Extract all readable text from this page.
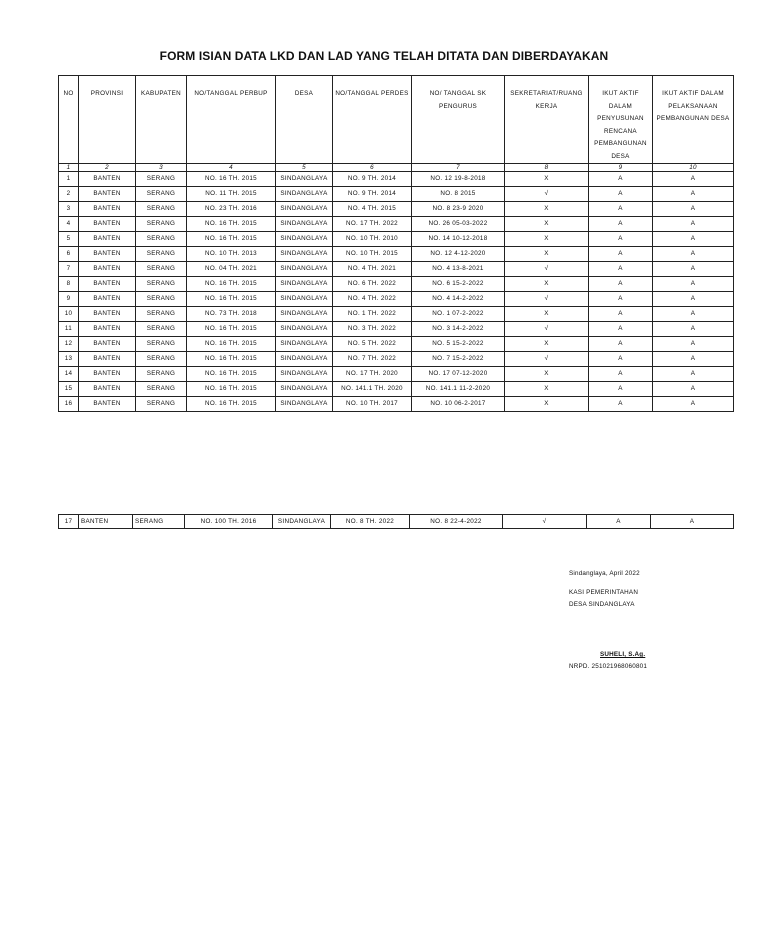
FORM ISIAN DATA LKD DAN LAD YANG TELAH DITATA DAN DIBERDAYAKAN
NO	PROVINSI	KABUPATEN	NO/TANGGAL PERBUP	DESA	NO/TANGGAL PERDES	NO/ TANGGAL SK PENGURUS	SEKRETARIAT/RUANG KERJA	IKUT AKTIF DALAM PENYUSUNAN RENCANA PEMBANGUNAN DESA	IKUT AKTIF DALAM PELAKSANAAN PEMBANGUNAN DESA
1	2	3	4	5	6	7	8	9	10
1	BANTEN	SERANG	NO. 16 TH. 2015	SINDANGLAYA	NO. 9 TH. 2014	NO. 12 19-8-2018	X	A	A
2	BANTEN	SERANG	NO. 11 TH. 2015	SINDANGLAYA	NO. 9 TH. 2014	NO. 8 2015	√	A	A
3	BANTEN	SERANG	NO. 23 TH. 2016	SINDANGLAYA	NO. 4 TH. 2015	NO. 8 23-9 2020	X	A	A
4	BANTEN	SERANG	NO. 16 TH. 2015	SINDANGLAYA	NO. 17 TH. 2022	NO. 26 05-03-2022	X	A	A
5	BANTEN	SERANG	NO. 16 TH. 2015	SINDANGLAYA	NO. 10 TH. 2010	NO. 14 10-12-2018	X	A	A
6	BANTEN	SERANG	NO. 10 TH. 2013	SINDANGLAYA	NO. 10 TH. 2015	NO. 12 4-12-2020	X	A	A
7	BANTEN	SERANG	NO. 04 TH. 2021	SINDANGLAYA	NO. 4 TH. 2021	NO. 4 13-8-2021	√	A	A
8	BANTEN	SERANG	NO. 16 TH. 2015	SINDANGLAYA	NO. 6 TH. 2022	NO. 6 15-2-2022	X	A	A
9	BANTEN	SERANG	NO. 16 TH. 2015	SINDANGLAYA	NO. 4 TH. 2022	NO. 4 14-2-2022	√	A	A
10	BANTEN	SERANG	NO. 73 TH. 2018	SINDANGLAYA	NO. 1 TH. 2022	NO. 1 07-2-2022	X	A	A
11	BANTEN	SERANG	NO. 16 TH. 2015	SINDANGLAYA	NO. 3 TH. 2022	NO. 3 14-2-2022	√	A	A
12	BANTEN	SERANG	NO. 16 TH. 2015	SINDANGLAYA	NO. 5 TH. 2022	NO. 5 15-2-2022	X	A	A
13	BANTEN	SERANG	NO. 16 TH. 2015	SINDANGLAYA	NO. 7 TH. 2022	NO. 7 15-2-2022	√	A	A
14	BANTEN	SERANG	NO. 16 TH. 2015	SINDANGLAYA	NO. 17 TH. 2020	NO. 17 07-12-2020	X	A	A
15	BANTEN	SERANG	NO. 16 TH. 2015	SINDANGLAYA	NO. 141.1 TH. 2020	NO. 141.1 11-2-2020	X	A	A
16	BANTEN	SERANG	NO. 16 TH. 2015	SINDANGLAYA	NO. 10 TH. 2017	NO. 10 06-2-2017	X	A	A
17	BANTEN	SERANG	NO. 100 TH. 2016	SINDANGLAYA	NO. 8 TH. 2022	NO. 8 22-4-2022	√	A	A
Sindanglaya, April 2022
KASI PEMERINTAHAN
DESA SINDANGLAYA
SUHELI, S.Ag.
NRPD. 251021968060801
